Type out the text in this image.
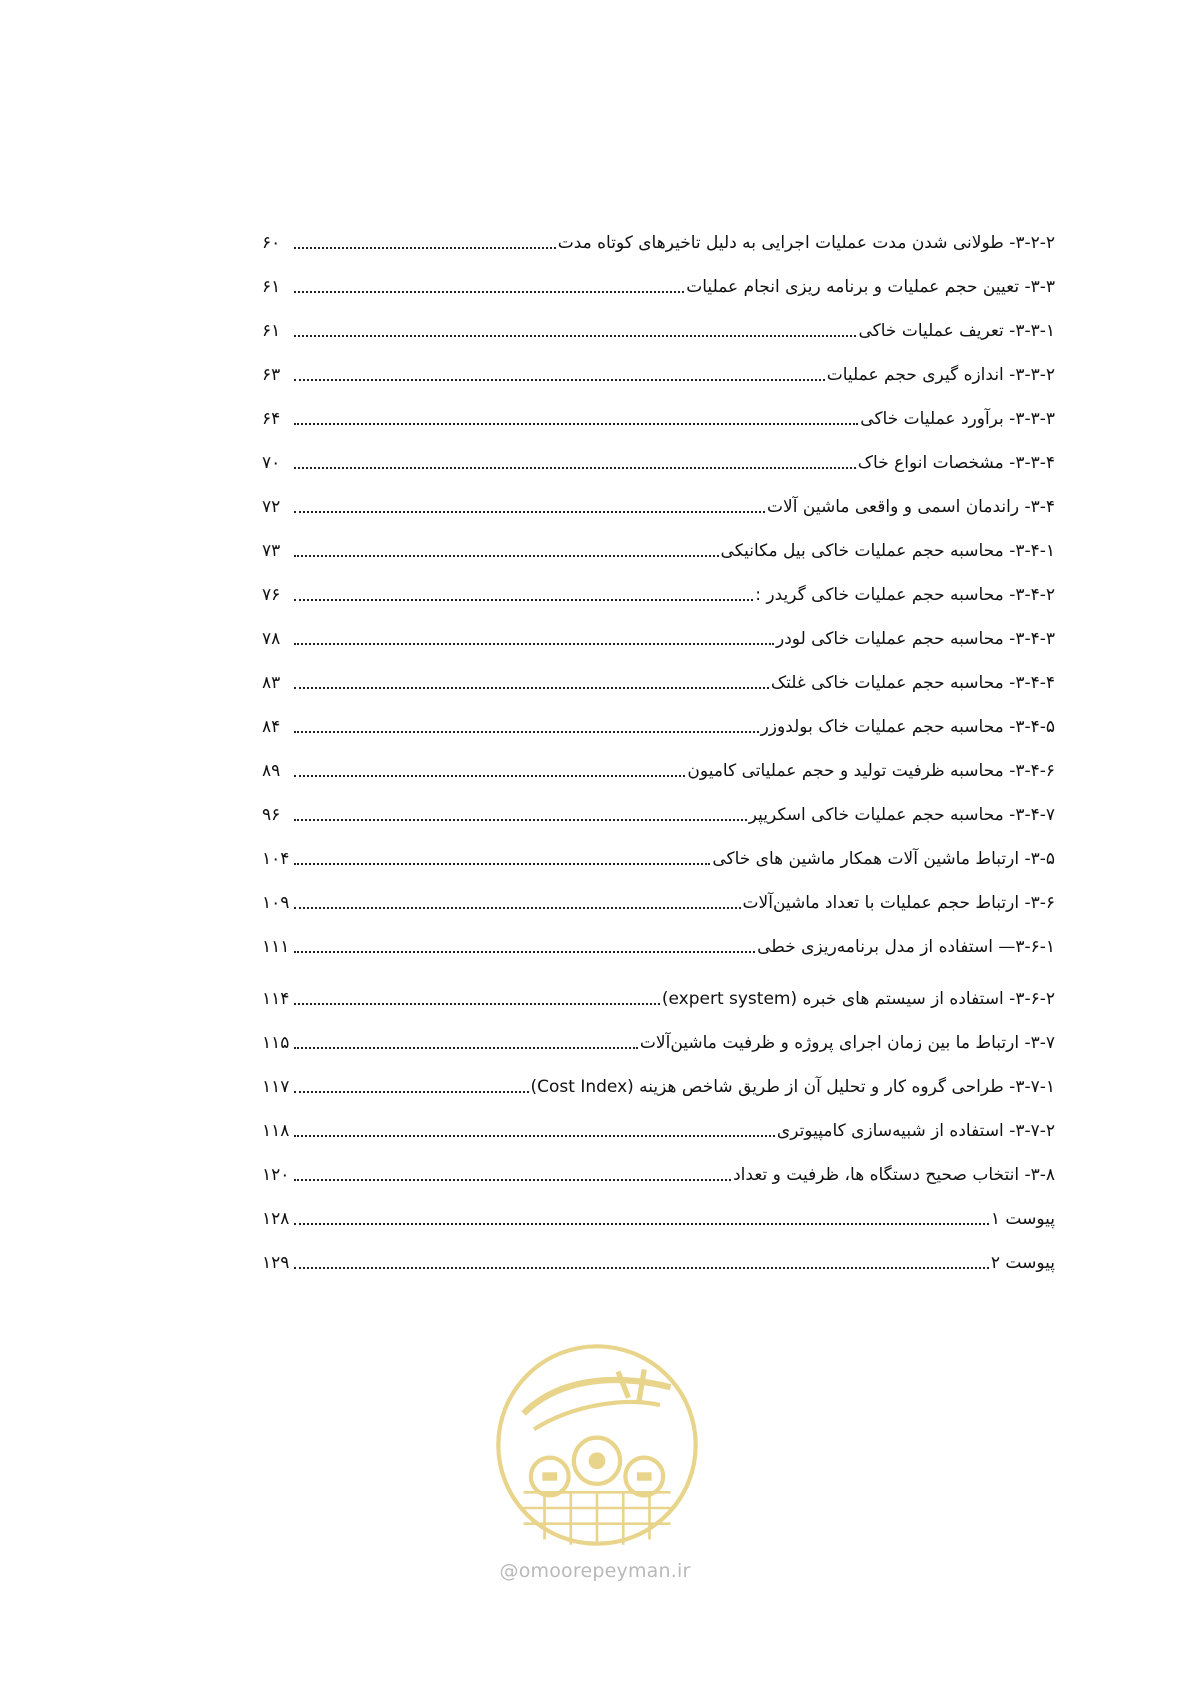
۳-۲-۲- طولانی شدن مدت عملیات اجرایی به دلیل تاخیرهای کوتاه مدت
۶۰
۳-۳- تعیین حجم عملیات و برنامه ریزی انجام عملیات
۶۱
۳-۳-۱- تعریف عملیات خاکی
۶۱
۳-۳-۲- اندازه گیری حجم عملیات
۶۳
۳-۳-۳- برآورد عملیات خاکی
۶۴
۳-۳-۴- مشخصات انواع خاک
۷۰
۳-۴- راندمان اسمی و واقعی ماشین آلات
۷۲
۳-۴-۱- محاسبه حجم عملیات خاکی بیل مکانیکی
۷۳
۳-۴-۲- محاسبه حجم عملیات خاکی گریدر :
۷۶
۳-۴-۳- محاسبه حجم عملیات خاکی لودر
۷۸
۳-۴-۴- محاسبه حجم عملیات خاکی غلتک
۸۳
۳-۴-۵- محاسبه حجم عملیات خاک بولدوزر
۸۴
۳-۴-۶- محاسبه ظرفیت تولید و حجم عملیاتی کامیون
۸۹
۳-۴-۷- محاسبه حجم عملیات خاکی اسکریپر
۹۶
۳-۵- ارتباط ماشین آلات همکار ماشین های خاکی
۱۰۴
۳-۶- ارتباط حجم عملیات با تعداد ماشین‌آلات
۱۰۹
۳-۶-۱— استفاده از مدل برنامه‌ریزی خطی
۱۱۱
۳-۶-۲- استفاده از سیستم های خبره (expert system)
۱۱۴
۳-۷- ارتباط ما بین زمان اجرای پروژه و ظرفیت ماشین‌آلات
۱۱۵
۳-۷-۱- طراحی گروه کار و تحلیل آن از طریق شاخص هزینه (Cost Index)
۱۱۷
۳-۷-۲- استفاده از شبیه‌سازی کامپیوتری
۱۱۸
۳-۸- انتخاب صحیح دستگاه ها، ظرفیت و تعداد
۱۲۰
پیوست ۱
۱۲۸
پیوست ۲
۱۲۹
@omoorepeyman.ir
